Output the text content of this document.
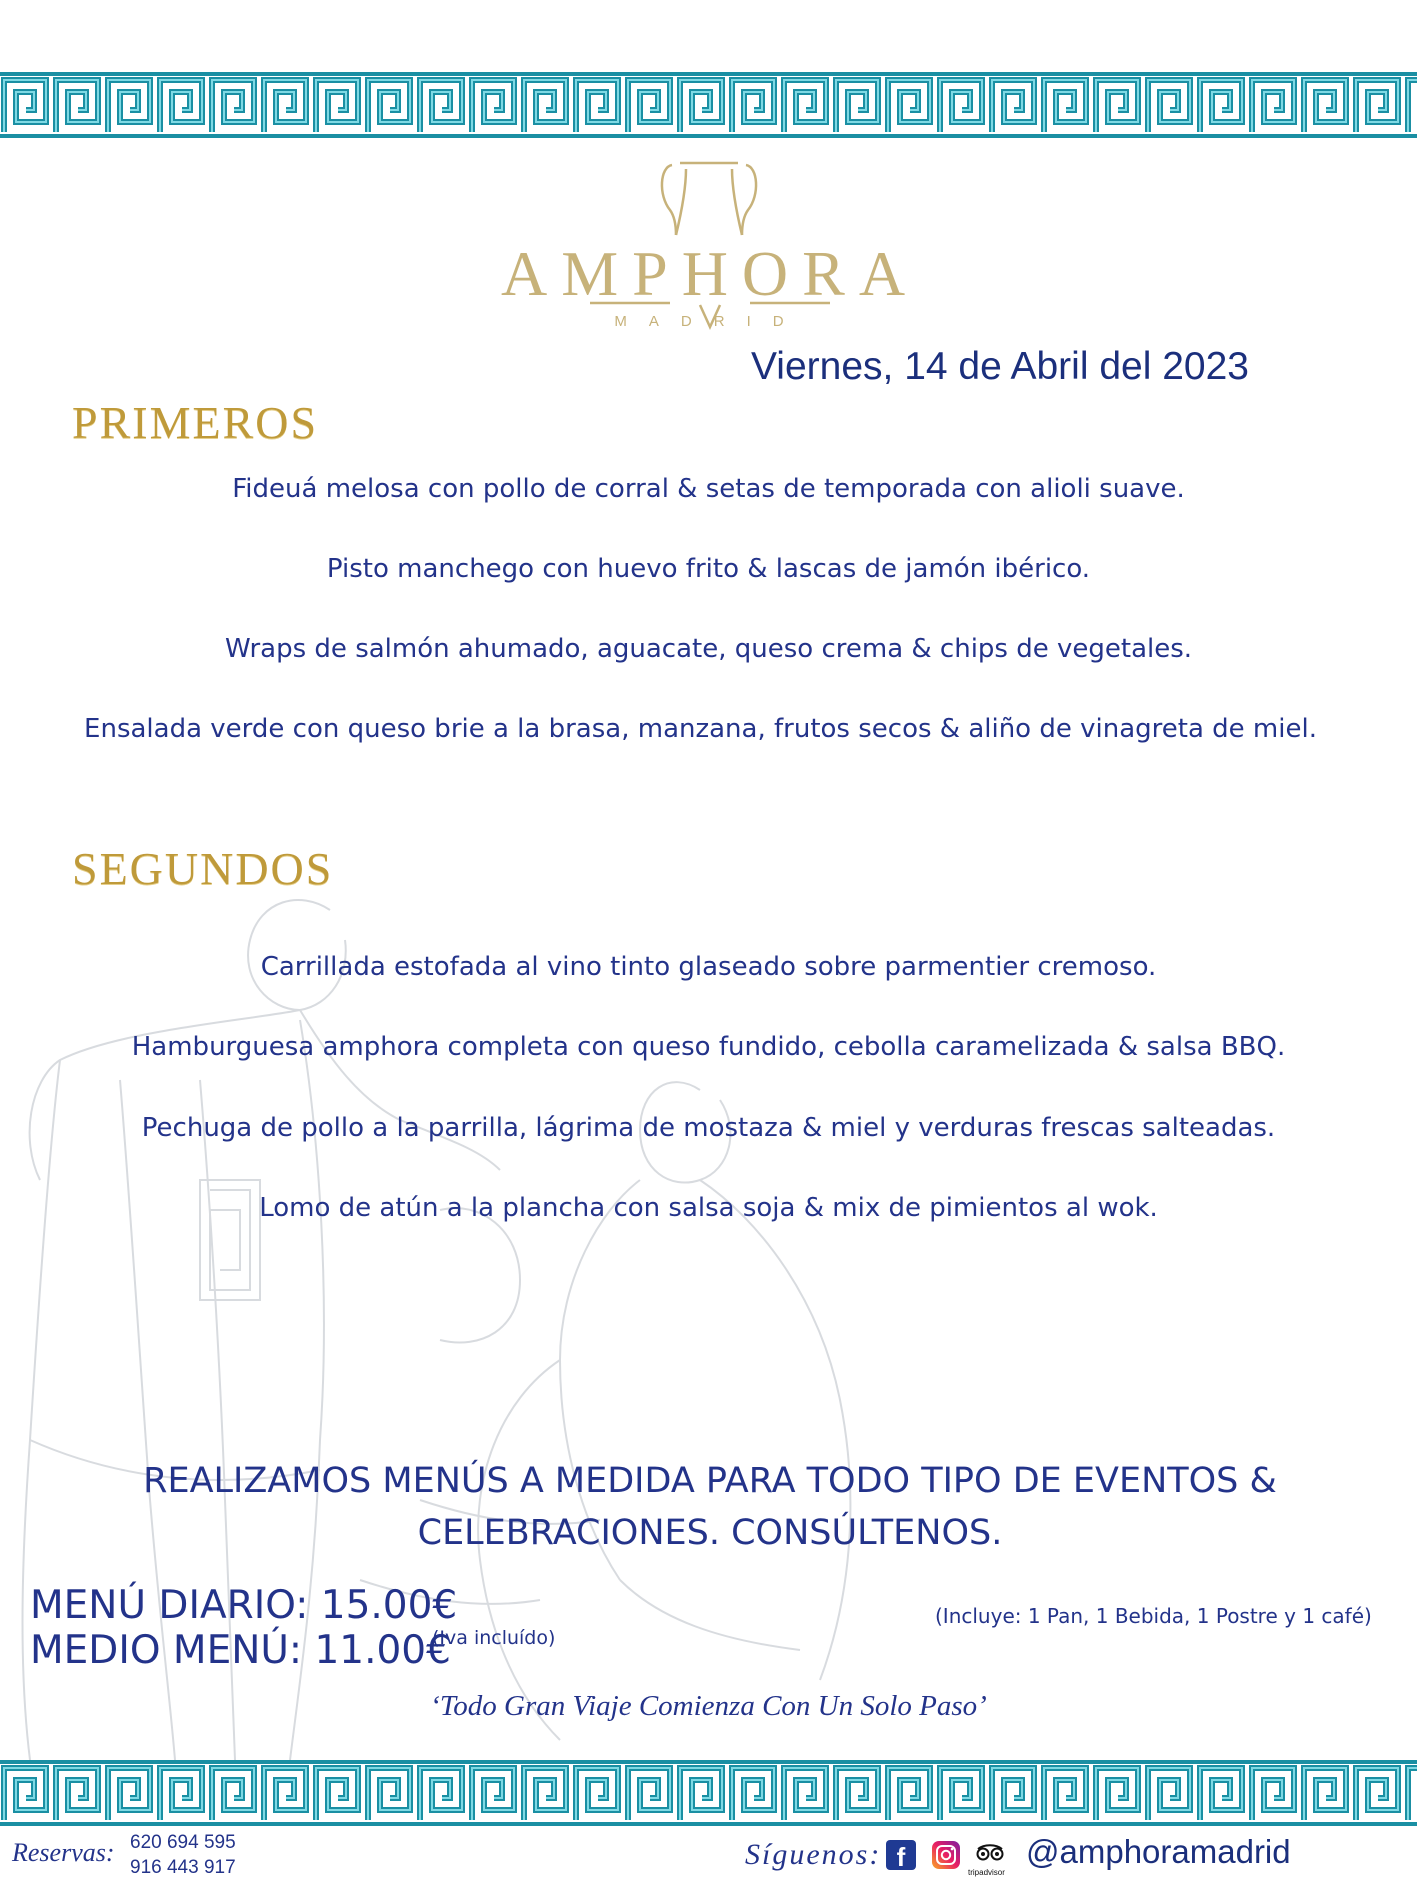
AMPHORA
MADRID
Viernes, 14 de Abril del 2023
PRIMEROS
Fideuá melosa con pollo de corral & setas de temporada con alioli suave.
Pisto manchego con huevo frito & lascas de jamón ibérico.
Wraps de salmón ahumado, aguacate, queso crema & chips de vegetales.
Ensalada verde con queso brie a la brasa, manzana, frutos secos & aliño de vinagreta de miel.
SEGUNDOS
Carrillada estofada al vino tinto glaseado sobre parmentier cremoso.
Hamburguesa amphora completa con queso fundido, cebolla caramelizada & salsa BBQ.
Pechuga de pollo a la parrilla, lágrima de mostaza & miel y verduras frescas salteadas.
Lomo de atún a la plancha con salsa soja & mix de pimientos al wok.
REALIZAMOS MENÚS A MEDIDA PARA TODO TIPO DE EVENTOS &
CELEBRACIONES. CONSÚLTENOS.
MENÚ DIARIO: 15.00€
MEDIO MENÚ: 11.00€
(Iva incluído)
(Incluye: 1 Pan, 1 Bebida, 1 Postre y 1 café)
‘Todo Gran Viaje Comienza Con Un Solo Paso’
Reservas: 620 694 595
916 443 917	Síguenos: f
tripadvisor
@amphoramadrid
